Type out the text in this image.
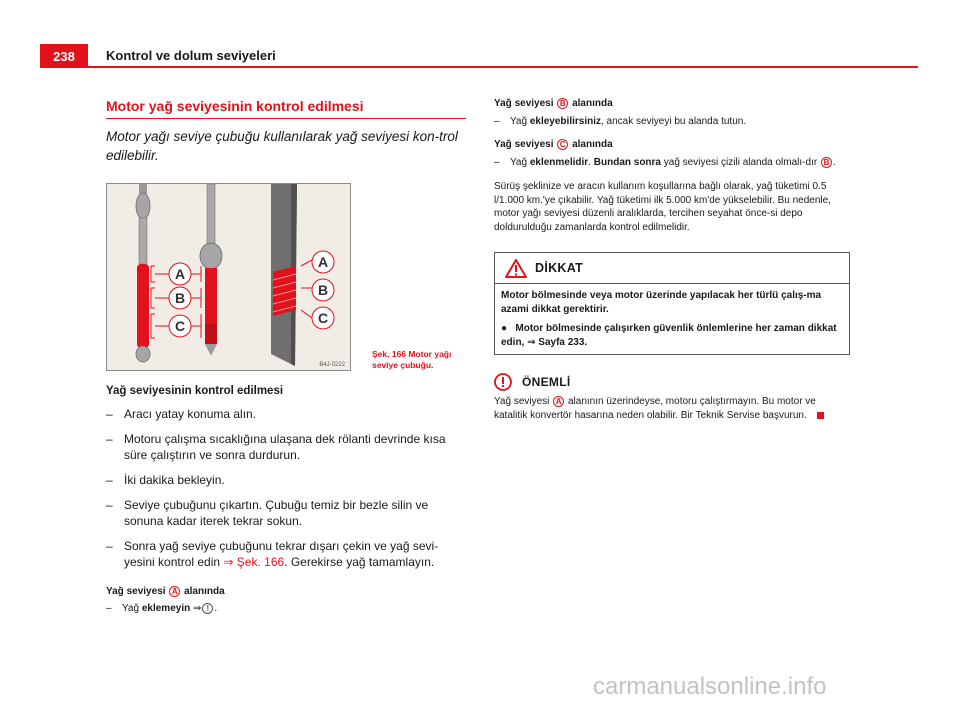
238 Kontrol ve dolum seviyeleri
Motor yağ seviyesinin kontrol edilmesi
Motor yağı seviye çubuğu kullanılarak yağ seviyesi kon-trol edilebilir.
A
B
C
A
B
C
B4J-0222
Şek. 166 Motor yağı
seviye çubuğu.
Yağ seviyesinin kontrol edilmesi
– Aracı yatay konuma alın.
– Motoru çalışma sıcaklığına ulaşana dek rölanti devrinde kısa süre çalıştırın ve sonra durdurun.
– İki dakika bekleyin.
– Seviye çubuğunu çıkartın. Çubuğu temiz bir bezle silin ve sonuna kadar iterek tekrar sokun.
– Sonra yağ seviye çubuğunu tekrar dışarı çekin ve yağ sevi-yesini kontrol edin ⇒ Şek. 166. Gerekirse yağ tamamlayın.
Yağ seviyesi A alanında
– Yağ eklemeyin ⇒ ! .
Yağ seviyesi B alanında
– Yağ ekleyebilirsiniz, ancak seviyeyi bu alanda tutun.
Yağ seviyesi C alanında
– Yağ eklenmelidir. Bundan sonra yağ seviyesi çizili alanda olmalı-dır B .
Sürüş şeklinize ve aracın kullanım koşullarına bağlı olarak, yağ tüketimi 0.5 l/1.000 km.'ye çıkabilir. Yağ tüketimi ilk 5.000 km'de yükselebilir. Bu nedenle, motor yağı seviyesi düzenli aralıklarda, tercihen seyahat önce-si depo doldurulduğu zamanlarda kontrol edilmelidir.
DİKKAT
Motor bölmesinde veya motor üzerinde yapılacak her türlü çalış-ma azami dikkat gerektirir.
● Motor bölmesinde çalışırken güvenlik önlemlerine her zaman dikkat edin, ⇒ Sayfa 233.
ÖNEMLİ
Yağ seviyesi A alanının üzerindeyse, motoru çalıştırmayın. Bu motor ve katalitik konvertör hasarına neden olabilir. Bir Teknik Servise başvurun.
carmanualsonline.info
